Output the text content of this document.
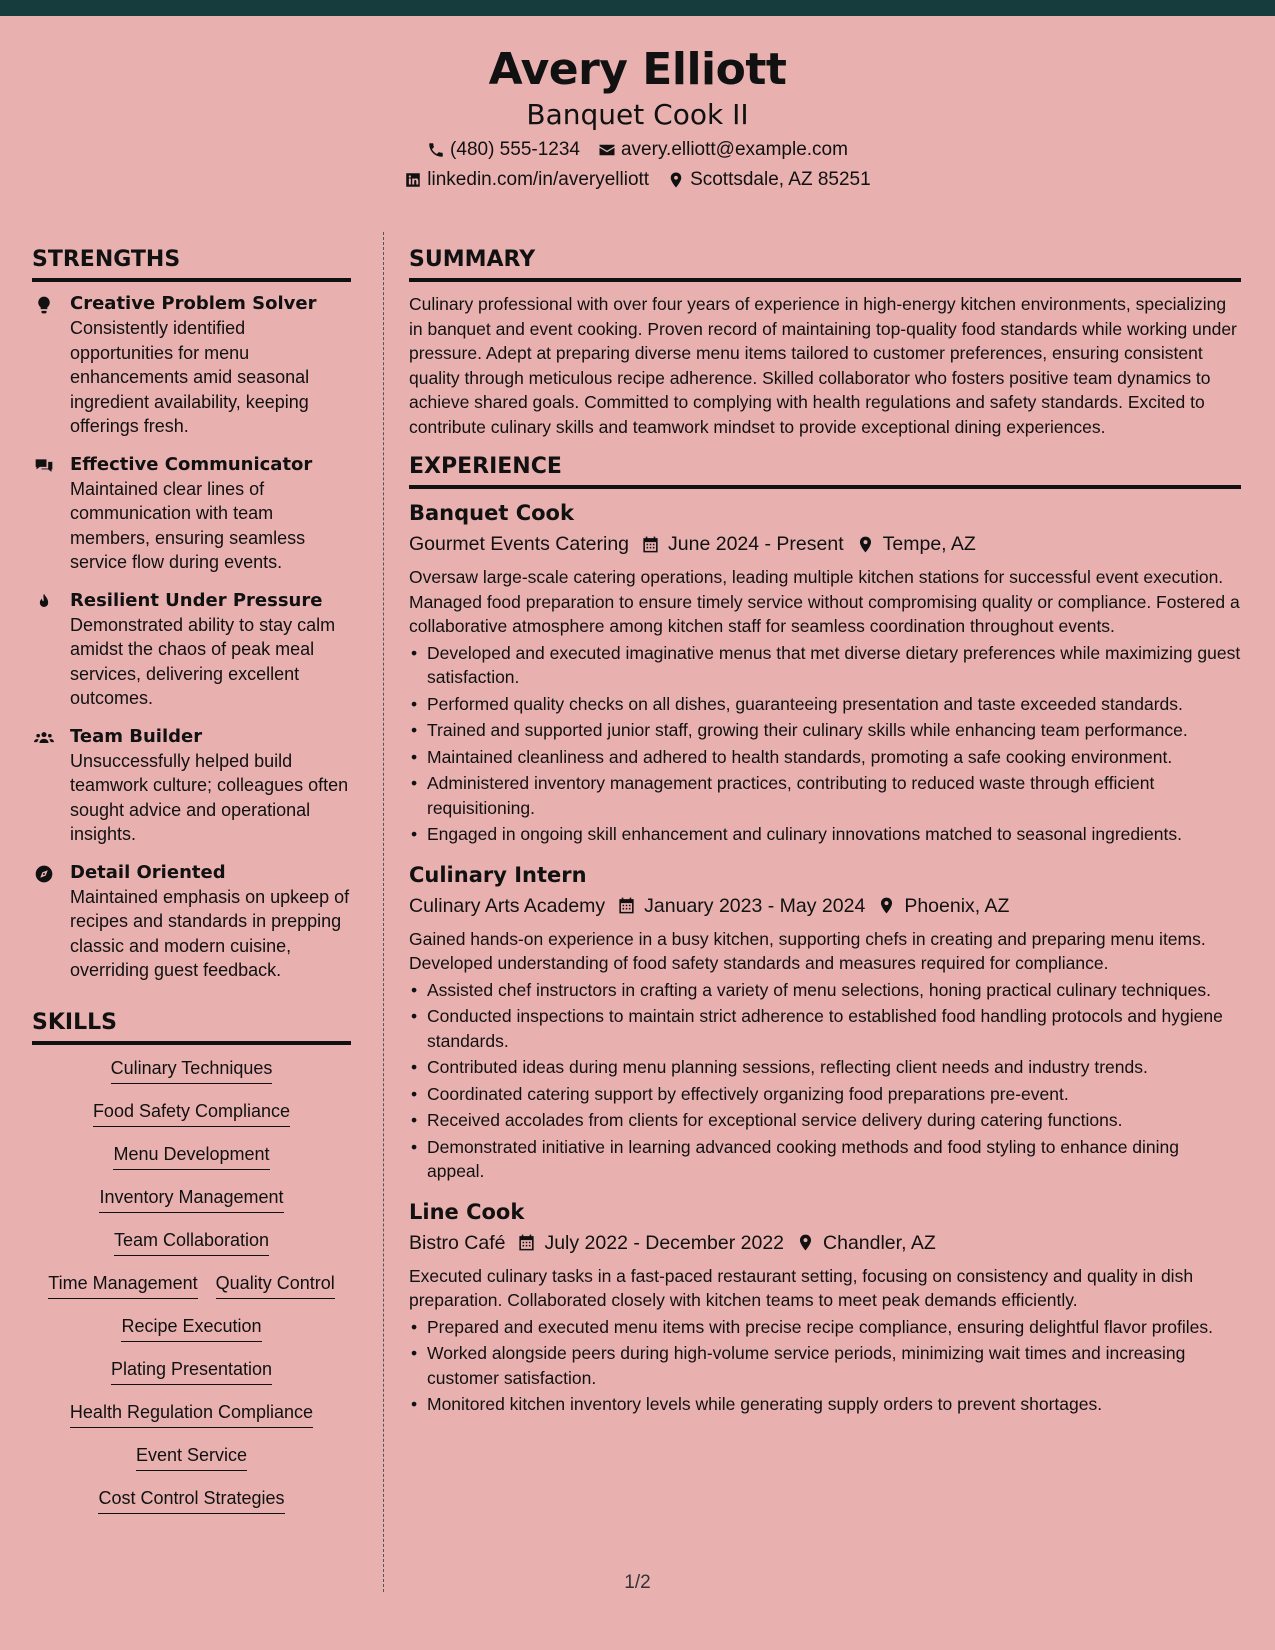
Avery Elliott
Banquet Cook II
(480) 555-1234 avery.elliott@example.com
linkedin.com/in/averyelliott Scottsdale, AZ 85251
STRENGTHS
Creative Problem Solver
Consistently identified opportunities for menu enhancements amid seasonal ingredient availability, keeping offerings fresh.
Effective Communicator
Maintained clear lines of communication with team members, ensuring seamless service flow during events.
Resilient Under Pressure
Demonstrated ability to stay calm amidst the chaos of peak meal services, delivering excellent outcomes.
Team Builder
Unsuccessfully helped build teamwork culture; colleagues often sought advice and operational insights.
Detail Oriented
Maintained emphasis on upkeep of recipes and standards in prepping classic and modern cuisine, overriding guest feedback.
SKILLS
Culinary Techniques
Food Safety Compliance
Menu Development
Inventory Management
Team Collaboration
Time Management Quality Control
Recipe Execution
Plating Presentation
Health Regulation Compliance
Event Service
Cost Control Strategies
SUMMARY
Culinary professional with over four years of experience in high-energy kitchen environments, specializing in banquet and event cooking. Proven record of maintaining top-quality food standards while working under pressure. Adept at preparing diverse menu items tailored to customer preferences, ensuring consistent quality through meticulous recipe adherence. Skilled collaborator who fosters positive team dynamics to achieve shared goals. Committed to complying with health regulations and safety standards. Excited to contribute culinary skills and teamwork mindset to provide exceptional dining experiences.
EXPERIENCE
Banquet Cook
Gourmet Events Catering June 2024 - Present Tempe, AZ
Oversaw large-scale catering operations, leading multiple kitchen stations for successful event execution. Managed food preparation to ensure timely service without compromising quality or compliance. Fostered a collaborative atmosphere among kitchen staff for seamless coordination throughout events.
• Developed and executed imaginative menus that met diverse dietary preferences while maximizing guest satisfaction.
• Performed quality checks on all dishes, guaranteeing presentation and taste exceeded standards.
• Trained and supported junior staff, growing their culinary skills while enhancing team performance.
• Maintained cleanliness and adhered to health standards, promoting a safe cooking environment.
• Administered inventory management practices, contributing to reduced waste through efficient requisitioning.
• Engaged in ongoing skill enhancement and culinary innovations matched to seasonal ingredients.
Culinary Intern
Culinary Arts Academy January 2023 - May 2024 Phoenix, AZ
Gained hands-on experience in a busy kitchen, supporting chefs in creating and preparing menu items. Developed understanding of food safety standards and measures required for compliance.
• Assisted chef instructors in crafting a variety of menu selections, honing practical culinary techniques.
• Conducted inspections to maintain strict adherence to established food handling protocols and hygiene standards.
• Contributed ideas during menu planning sessions, reflecting client needs and industry trends.
• Coordinated catering support by effectively organizing food preparations pre-event.
• Received accolades from clients for exceptional service delivery during catering functions.
• Demonstrated initiative in learning advanced cooking methods and food styling to enhance dining appeal.
Line Cook
Bistro Café July 2022 - December 2022 Chandler, AZ
Executed culinary tasks in a fast-paced restaurant setting, focusing on consistency and quality in dish preparation. Collaborated closely with kitchen teams to meet peak demands efficiently.
• Prepared and executed menu items with precise recipe compliance, ensuring delightful flavor profiles.
• Worked alongside peers during high-volume service periods, minimizing wait times and increasing customer satisfaction.
• Monitored kitchen inventory levels while generating supply orders to prevent shortages.
1/2
